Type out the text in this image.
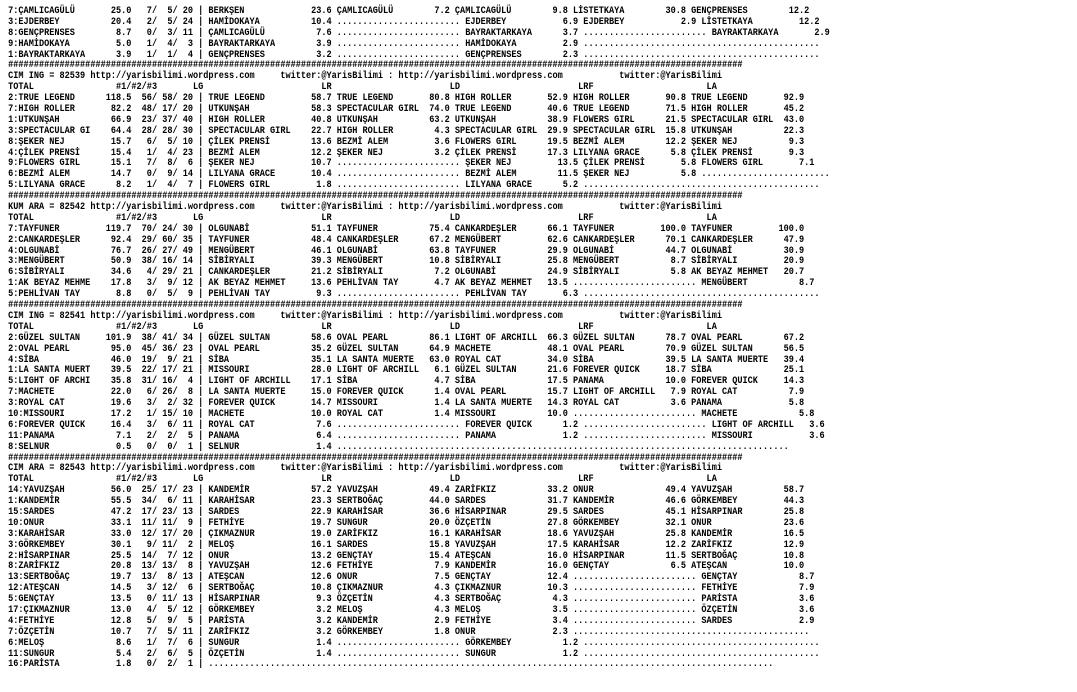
7:ÇAMLICAGÜLÜ       25.0   7/  5/ 20 | BERKŞEN             23.6 ÇAMLICAGÜLÜ        7.2 ÇAMLICAGÜLÜ        9.8 LİSTETKAYA        30.8 GENÇPRENSES        12.2
3:EJDERBEY          20.4   2/  5/ 24 | HAMİDOKAYA          10.4 ........................ EJDERBEY           6.9 EJDERBEY           2.9 LİSTETKAYA         12.2
8:GENÇPRENSES        8.7   0/  3/ 11 | ÇAMLICAGÜLÜ          7.6 ........................ BAYRAKTARKAYA      3.7 ........................ BAYRAKTARKAYA       2.9
9:HAMİDOKAYA         5.0   1/  4/  3 | BAYRAKTARKAYA        3.9 ........................ HAMİDOKAYA         2.9 ..............................................
1:BAYRAKTARKAYA      3.9   1/  1/  4 | GENÇPRENSES          3.2 ........................ GENÇPRENSES        2.3 ..............................................
###############################################################################################################################################
CIM ING = 82539 http://yarisbilimi.wordpress.com     twitter:@YarisBilimi : http://yarisbilimi.wordpress.com           twitter:@YarisBilimi
TOTAL                #1/#2/#3       LG                       LR                       LD                       LRF                      LA
2:TRUE LEGEND      118.5  56/ 58/ 20 | TRUE LEGEND         58.7 TRUE LEGEND       80.8 HIGH ROLLER       52.9 HIGH ROLLER       90.8 TRUE LEGEND       92.9
7:HIGH ROLLER       82.2  48/ 17/ 20 | UTKUNŞAH            58.3 SPECTACULAR GIRL  74.0 TRUE LEGEND       40.6 TRUE LEGEND       71.5 HIGH ROLLER       45.2
1:UTKUNŞAH          66.9  23/ 37/ 40 | HIGH ROLLER         40.8 UTKUNŞAH          63.2 UTKUNŞAH          38.9 FLOWERS GIRL      21.5 SPECTACULAR GIRL  43.0
3:SPECTACULAR GI    64.4  28/ 28/ 30 | SPECTACULAR GIRL    22.7 HIGH ROLLER        4.3 SPECTACULAR GIRL  29.9 SPECTACULAR GIRL  15.8 UTKUNŞAH          22.3
8:ŞEKER NEJ         15.7   6/  5/ 10 | ÇİLEK PRENSİ        13.6 BEZMİ ALEM         3.6 FLOWERS GIRL      19.5 BEZMİ ALEM        12.2 ŞEKER NEJ          9.3
4:ÇİLEK PRENSİ      15.4   1/  4/ 23 | BEZMİ ALEM          12.2 ŞEKER NEJ          3.2 ÇİLEK PRENSİ      17.3 LILYANA GRACE      5.8 ÇİLEK PRENSİ       9.3
9:FLOWERS GIRL      15.1   7/  8/  6 | ŞEKER NEJ           10.7 ........................ ŞEKER NEJ         13.5 ÇİLEK PRENSİ       5.8 FLOWERS GIRL       7.1
6:BEZMİ ALEM        14.7   0/  9/ 14 | LILYANA GRACE       10.4 ........................ BEZMİ ALEM        11.5 ŞEKER NEJ          5.8 .........................
5:LILYANA GRACE      8.2   1/  4/  7 | FLOWERS GIRL         1.8 ........................ LILYANA GRACE      5.2 ..............................................
###############################################################################################################################################
KUM ARA = 82542 http://yarisbilimi.wordpress.com     twitter:@YarisBilimi : http://yarisbilimi.wordpress.com           twitter:@YarisBilimi
TOTAL                #1/#2/#3       LG                       LR                       LD                       LRF                      LA
7:TAYFUNER         119.7  70/ 24/ 30 | OLGUNABİ            51.1 TAYFUNER          75.4 CANKARDEŞLER      66.1 TAYFUNER         100.0 TAYFUNER         100.0
2:CANKARDEŞLER      92.4  29/ 60/ 35 | TAYFUNER            48.4 CANKARDEŞLER      67.2 MENGÜBERT         62.6 CANKARDEŞLER      70.1 CANKARDEŞLER      47.9
4:OLGUNABİ          76.7  26/ 27/ 49 | MENGÜBERT           46.1 OLGUNABİ          63.8 TAYFUNER          29.9 OLGUNABİ          44.7 OLGUNABİ          30.9
3:MENGÜBERT         50.9  38/ 16/ 14 | SİBİRYALI           39.3 MENGÜBERT         10.8 SİBİRYALI         25.8 MENGÜBERT          8.7 SİBİRYALI         20.9
6:SİBİRYALI         34.6   4/ 29/ 21 | CANKARDEŞLER        21.2 SİBİRYALI          7.2 OLGUNABİ          24.9 SİBİRYALI          5.8 AK BEYAZ MEHMET   20.7
1:AK BEYAZ MEHME    17.8   3/  9/ 12 | AK BEYAZ MEHMET     13.6 PEHLİVAN TAY       4.7 AK BEYAZ MEHMET   13.5 ........................ MENGÜBERT          8.7
5:PEHLİVAN TAY       8.8   0/  5/  9 | PEHLİVAN TAY         9.3 ........................ PEHLİVAN TAY       6.3 ..............................................
###############################################################################################################################################
CIM ING = 82541 http://yarisbilimi.wordpress.com     twitter:@YarisBilimi : http://yarisbilimi.wordpress.com           twitter:@YarisBilimi
TOTAL                #1/#2/#3       LG                       LR                       LD                       LRF                      LA
2:GÜZEL SULTAN     101.9  38/ 41/ 34 | GÜZEL SULTAN        58.6 OVAL PEARL        86.1 LIGHT OF ARCHILL  66.3 GÜZEL SULTAN      78.7 OVAL PEARL        67.2
2:OVAL PEARL        95.0  45/ 36/ 23 | OVAL PEARL          35.2 GÜZEL SULTAN      64.9 MACHETE           48.1 OVAL PEARL        70.9 GÜZEL SULTAN      56.5
4:SİBA              46.0  19/  9/ 21 | SİBA                35.1 LA SANTA MUERTE   63.0 ROYAL CAT         34.0 SİBA              39.5 LA SANTA MUERTE   39.4
1:LA SANTA MUERT    39.5  22/ 17/ 21 | MISSOURI            28.0 LIGHT OF ARCHILL   6.1 GÜZEL SULTAN      21.6 FOREVER QUICK     18.7 SİBA              25.1
5:LIGHT OF ARCHI    35.8  31/ 16/  4 | LIGHT OF ARCHILL    17.1 SİBA               4.7 SİBA              17.5 PANAMA            10.0 FOREVER QUICK     14.3
7:MACHETE           22.0   6/ 26/  8 | LA SANTA MUERTE     15.0 FOREVER QUICK      1.4 OVAL PEARL        15.7 LIGHT OF ARCHILL   7.9 ROYAL CAT          7.9
3:ROYAL CAT         19.6   3/  2/ 32 | FOREVER QUICK       14.7 MISSOURI           1.4 LA SANTA MUERTE   14.3 ROYAL CAT          3.6 PANAMA             5.8
10:MISSOURI         17.2   1/ 15/ 10 | MACHETE             10.0 ROYAL CAT          1.4 MISSOURI          10.0 ........................ MACHETE            5.8
6:FOREVER QUICK     16.4   3/  6/ 11 | ROYAL CAT            7.6 ........................ FOREVER QUICK      1.2 ........................ LIGHT OF ARCHILL   3.6
11:PANAMA            7.1   2/  2/  5 | PANAMA               6.4 ........................ PANAMA             1.2 ........................ MISSOURI           3.6
8:SELNUR             0.5   0/  0/  1 | SELNUR               1.4 ........................................................................................
###############################################################################################################################################
CIM ARA = 82543 http://yarisbilimi.wordpress.com     twitter:@YarisBilimi : http://yarisbilimi.wordpress.com           twitter:@YarisBilimi
TOTAL                #1/#2/#3       LG                       LR                       LD                       LRF                      LA
14:YAVUZŞAH         56.0  25/ 17/ 23 | KANDEMİR            57.2 YAVUZŞAH          49.4 ZARİFKIZ          33.2 ONUR              49.4 YAVUZŞAH          58.7
1:KANDEMİR          55.5  34/  6/ 11 | KARAHİSAR           23.3 SERTBOĞAÇ         44.0 SARDES            31.7 KANDEMİR          46.6 GÖRKEMBEY         44.3
15:SARDES           47.2  17/ 23/ 13 | SARDES              22.9 KARAHİSAR         36.6 HİSARPINAR        29.5 SARDES            45.1 HİSARPINAR        25.8
10:ONUR             33.1  11/ 11/  9 | FETHİYE             19.7 SUNGUR            20.0 ÖZÇETİN           27.8 GÖRKEMBEY         32.1 ONUR              23.6
3:KARAHİSAR         33.0  12/ 17/ 20 | ÇIKMAZNUR           19.0 ZARİFKIZ          16.1 KARAHİSAR         18.6 YAVUZŞAH          25.8 KANDEMİR          16.5
3:GÖRKEMBEY         30.1   9/ 11/  2 | MELOŞ               16.1 SARDES            15.8 YAVUZŞAH          17.5 KARAHİSAR         12.2 ZARİFKIZ          12.9
2:HİSARPINAR        25.5  14/  7/ 12 | ONUR                13.2 GENÇTAY           15.4 ATEŞCAN           16.0 HİSARPINAR        11.5 SERTBOĞAÇ         10.8
8:ZARİFKIZ          20.8  13/ 13/  8 | YAVUZŞAH            12.6 FETHİYE            7.9 KANDEMİR          16.0 GENÇTAY            6.5 ATEŞCAN           10.0
13:SERTBOĞAÇ        19.7  13/  8/ 13 | ATEŞCAN             12.6 ONUR               7.5 GENÇTAY           12.4 ........................ GENÇTAY            8.7
12:ATEŞCAN          14.5   3/ 12/  6 | SERTBOĞAÇ           10.8 ÇIKMAZNUR          4.3 ÇIKMAZNUR         10.3 ........................ FETHİYE            7.9
5:GENÇTAY           13.5   0/ 11/ 13 | HİSARPINAR           9.3 ÖZÇETİN            4.3 SERTBOĞAÇ          4.3 ........................ PARİSTA            3.6
17:ÇIKMAZNUR        13.0   4/  5/ 12 | GÖRKEMBEY            3.2 MELOŞ              4.3 MELOŞ              3.5 ........................ ÖZÇETİN            3.6
4:FETHİYE           12.8   5/  9/  5 | PARİSTA              3.2 KANDEMİR           2.9 FETHİYE            3.4 ........................ SARDES             2.9
7:ÖZÇETİN           10.7   7/  5/ 11 | ZARİFKIZ             3.2 GÖRKEMBEY          1.8 ONUR               2.3 ..............................................
6:MELOŞ              8.6   1/  7/  6 | SUNGUR               1.4 ........................ GÖRKEMBEY          1.2 ..............................................
11:SUNGUR            5.4   2/  6/  5 | ÖZÇETİN              1.4 ........................ SUNGUR             1.2 ..............................................
16:PARİSTA           1.8   0/  2/  1 | ..............................................................................................................
